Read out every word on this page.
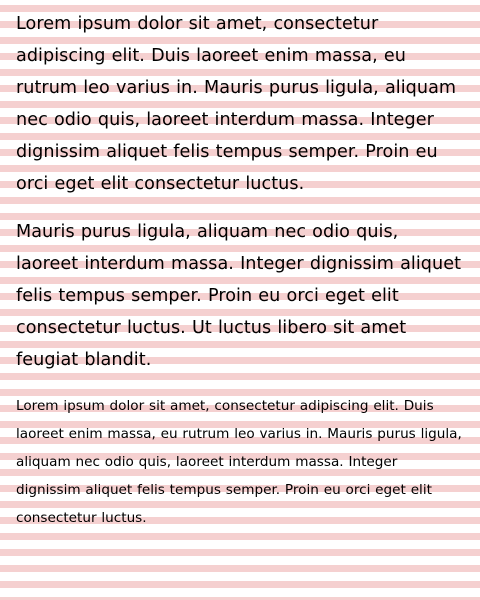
Lorem ipsum dolor sit amet, consectetur adipiscing elit. Duis laoreet enim massa, eu rutrum leo varius in. Mauris purus ligula, aliquam nec odio quis, laoreet interdum massa. Integer dignissim aliquet felis tempus semper. Proin eu orci eget elit consectetur luctus.

Mauris purus ligula, aliquam nec odio quis, laoreet interdum massa. Integer dignissim aliquet felis tempus semper. Proin eu orci eget elit consectetur luctus. Ut luctus libero sit amet feugiat blandit.

Lorem ipsum dolor sit amet, consectetur adipiscing elit. Duis laoreet enim massa, eu rutrum leo varius in. Mauris purus ligula, aliquam nec odio quis, laoreet interdum massa. Integer dignissim aliquet felis tempus semper. Proin eu orci eget elit consectetur luctus.
